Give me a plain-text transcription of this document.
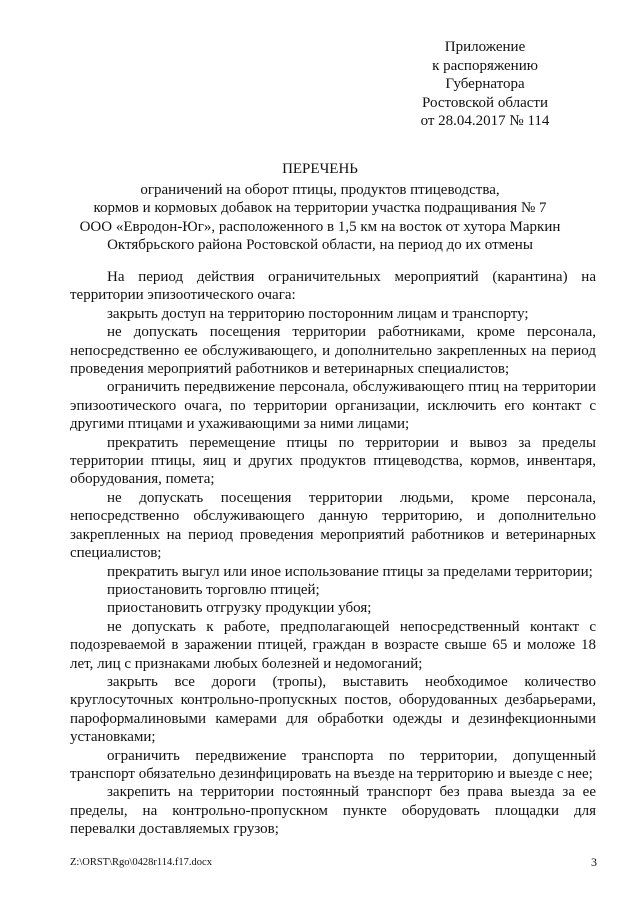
Приложение
к распоряжению
Губернатора
Ростовской области
от 28.04.2017 № 114
ПЕРЕЧЕНЬ
ограничений на оборот птицы, продуктов птицеводства,
кормов и кормовых добавок на территории участка подращивания № 7
ООО «Евродон-Юг», расположенного в 1,5 км на восток от хутора Маркин
Октябрьского района Ростовской области, на период до их отмены

На период действия ограничительных мероприятий (карантина) на территории эпизоотического очага:

закрыть доступ на территорию посторонним лицам и транспорту;

не допускать посещения территории работниками, кроме персонала, непосредственно ее обслуживающего, и дополнительно закрепленных на период проведения мероприятий работников и ветеринарных специалистов;

ограничить передвижение персонала, обслуживающего птиц на территории эпизоотического очага, по территории организации, исключить его контакт с другими птицами и ухаживающими за ними лицами;

прекратить перемещение птицы по территории и вывоз за пределы территории птицы, яиц и других продуктов птицеводства, кормов, инвентаря, оборудования, помета;

не допускать посещения территории людьми, кроме персонала, непосредственно обслуживающего данную территорию, и дополнительно закрепленных на период проведения мероприятий работников и ветеринарных специалистов;

прекратить выгул или иное использование птицы за пределами территории;

приостановить торговлю птицей;

приостановить отгрузку продукции убоя;

не допускать к работе, предполагающей непосредственный контакт с подозреваемой в заражении птицей, граждан в возрасте свыше 65 и моложе 18 лет, лиц с признаками любых болезней и недомоганий;

закрыть все дороги (тропы), выставить необходимое количество круглосуточных контрольно-пропускных постов, оборудованных дезбарьерами, пароформалиновыми камерами для обработки одежды и дезинфекционными установками;

ограничить передвижение транспорта по территории, допущенный транспорт обязательно дезинфицировать на въезде на территорию и выезде с нее;

закрепить на территории постоянный транспорт без права выезда за ее пределы, на контрольно-пропускном пункте оборудовать площадки для перевалки доставляемых грузов;

Z:\ORST\Rgo\0428r114.f17.docx	3
